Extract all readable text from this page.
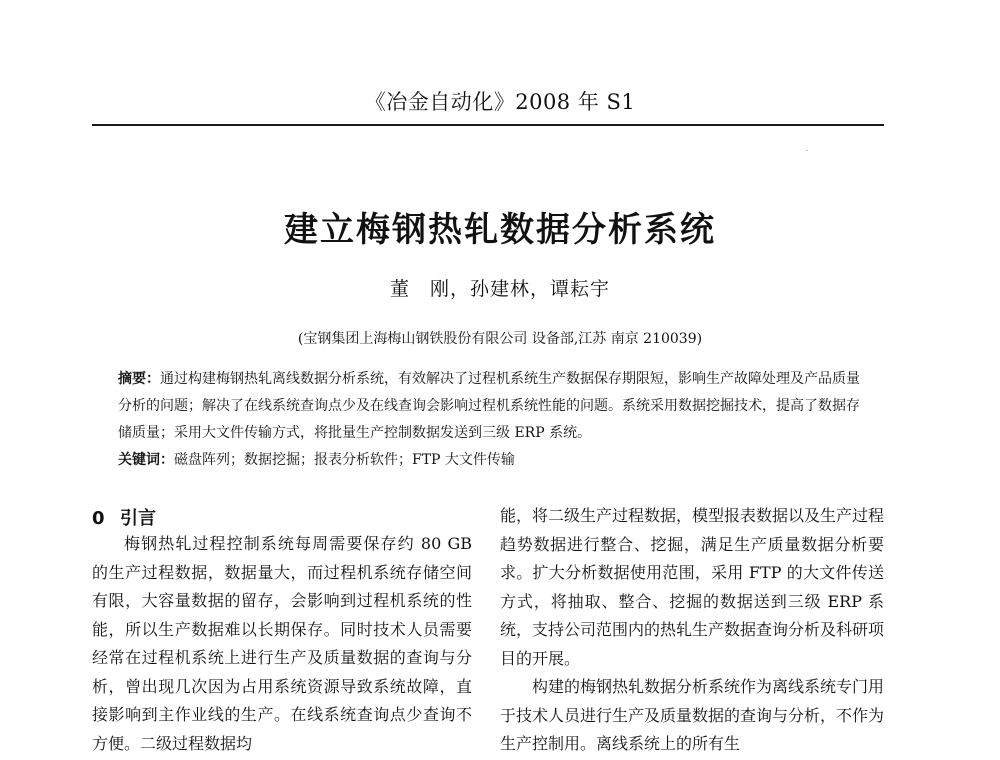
《冶金自动化》2008 年 S1
建立梅钢热轧数据分析系统
董　刚，孙建林，谭耘宇
(宝钢集团上海梅山钢铁股份有限公司 设备部,江苏 南京 210039)

摘要：通过构建梅钢热轧离线数据分析系统，有效解决了过程机系统生产数据保存期限短，影响生产故障处理及产品质量分析的问题；解决了在线系统查询点少及在线查询会影响过程机系统性能的问题。系统采用数据挖掘技术，提高了数据存储质量；采用大文件传输方式，将批量生产控制数据发送到三级 ERP 系统。

关键词：磁盘阵列；数据挖掘；报表分析软件；FTP 大文件传输
0 引言

梅钢热轧过程控制系统每周需要保存约 80 GB 的生产过程数据，数据量大，而过程机系统存储空间有限，大容量数据的留存，会影响到过程机系统的性能，所以生产数据难以长期保存。同时技术人员需要经常在过程机系统上进行生产及质量数据的查询与分析，曾出现几次因为占用系统资源导致系统故障，直接影响到主作业线的生产。在线系统查询点少查询不方便。二级过程数据均

能，将二级生产过程数据，模型报表数据以及生产过程趋势数据进行整合、挖掘，满足生产质量数据分析要求。扩大分析数据使用范围，采用 FTP 的大文件传送方式，将抽取、整合、挖掘的数据送到三级 ERP 系统，支持公司范围内的热轧生产数据查询分析及科研项目的开展。

构建的梅钢热轧数据分析系统作为离线系统专门用于技术人员进行生产及质量数据的查询与分析，不作为生产控制用。离线系统上的所有生
